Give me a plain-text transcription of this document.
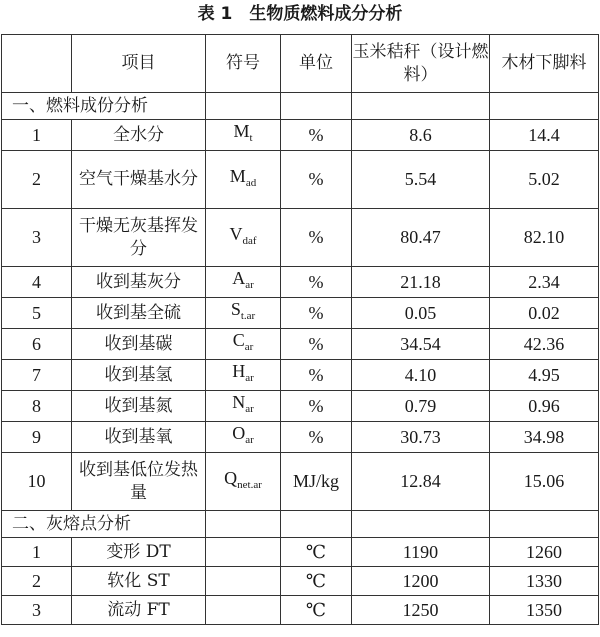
表 1　生物质燃料成分分析
	项目	符号	单位	玉米秸秆（设计燃料）	木材下脚料
一、燃料成份分析					
1	全水分	$M_t$	%	8.6	14.4
2	空气干燥基水分	$M_{ad}$	%	5.54	5.02
3	干燥无灰基挥发分	$V_{daf}$	%	80.47	82.10
4	收到基灰分	$A_{ar}$	%	21.18	2.34
5	收到基全硫	$S_{t.ar}$	%	0.05	0.02
6	收到基碳	$C_{ar}$	%	34.54	42.36
7	收到基氢	$H_{ar}$	%	4.10	4.95
8	收到基氮	$N_{ar}$	%	0.79	0.96
9	收到基氧	$O_{ar}$	%	30.73	34.98
10	收到基低位发热量	$Q_{net.ar}$	MJ/kg	12.84	15.06
二、灰熔点分析					
1	变形 DT		℃	1190	1260
2	软化 ST		℃	1200	1330
3	流动 FT		℃	1250	1350
